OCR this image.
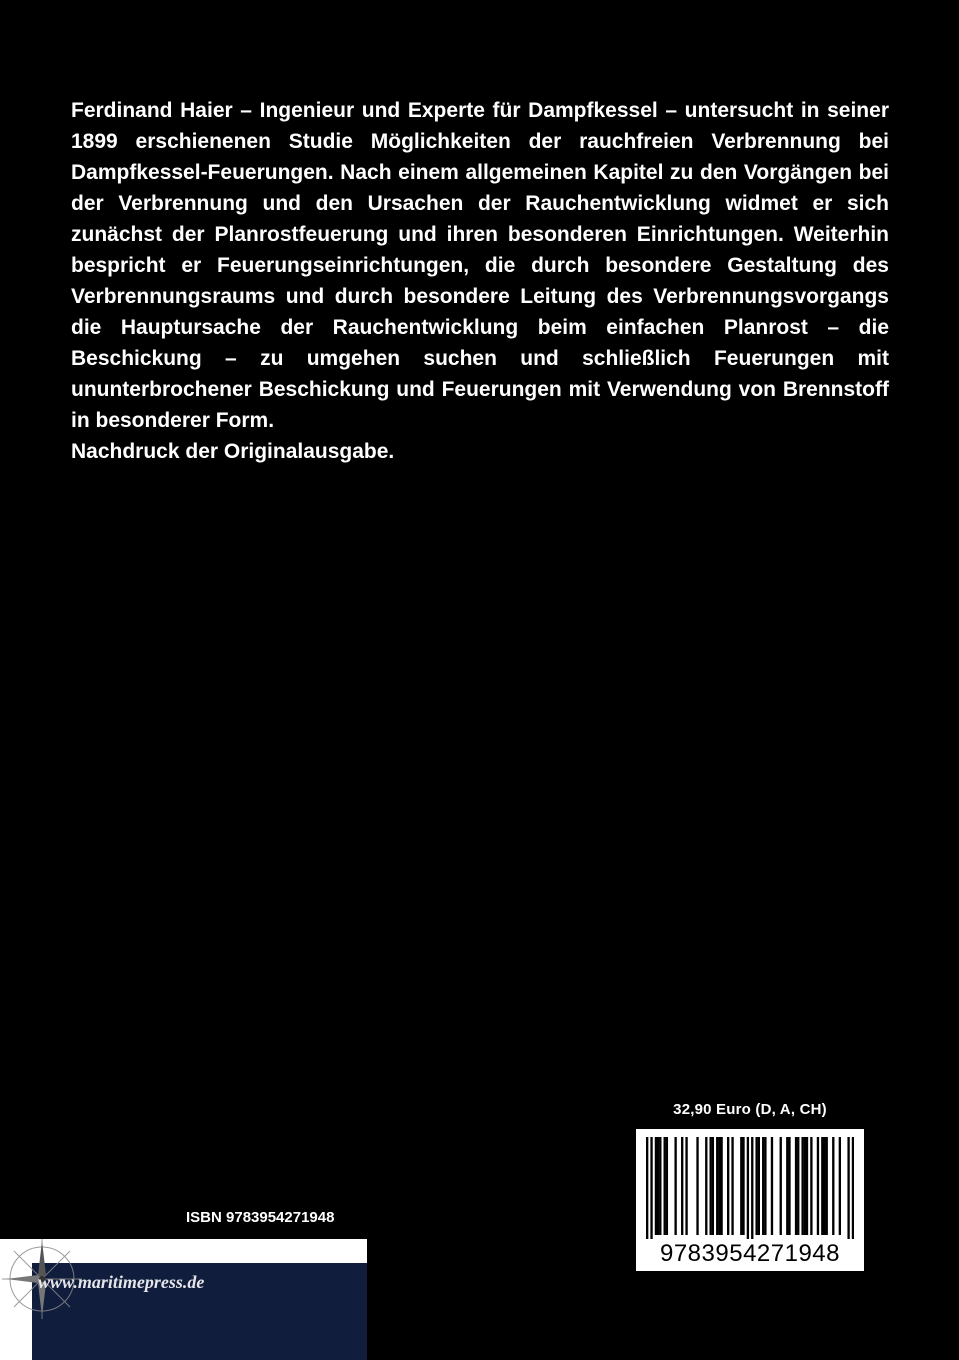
Ferdinand Haier – Ingenieur und Experte für Dampfkessel – untersucht in seiner 1899 erschienenen Studie Möglichkeiten der rauchfreien Verbrennung bei Dampfkessel-Feuerungen. Nach einem allgemeinen Kapitel zu den Vorgängen bei der Verbrennung und den Ursachen der Rauchentwicklung widmet er sich zunächst der Planrostfeuerung und ihren besonderen Einrichtungen. Weiterhin bespricht er Feuerungseinrichtungen, die durch besondere Gestaltung des Verbrennungsraums und durch besondere Leitung des Verbrennungsvorgangs die Hauptursache der Rauchentwicklung beim einfachen Planrost – die Beschickung – zu umgehen suchen und schließlich Feuerungen mit ununterbrochener Beschickung und Feuerungen mit Verwendung von Brennstoff in besonderer Form.

Nachdruck der Originalausgabe.

32,90 Euro (D, A, CH)
9783954271948
ISBN 9783954271948
www.maritimepress.de
